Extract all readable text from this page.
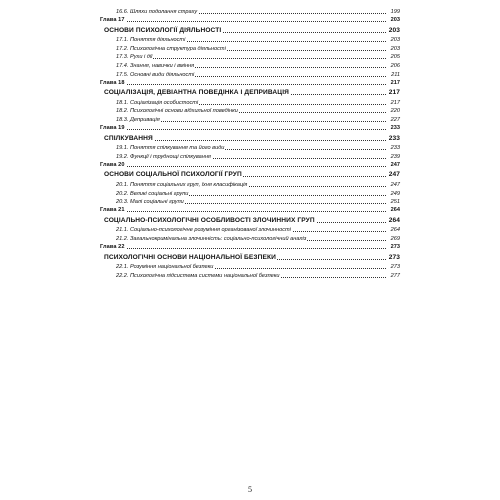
16.6. Шляхи подолання страху	199
Глава 17	203
ОСНОВИ ПСИХОЛОГІЇ ДІЯЛЬНОСТІ	203
17.1. Поняття діяльності	203
17.2. Психологічна структура діяльності	203
17.3. Рухи і дії	205
17.4. Знання, навички і вміння	206
17.5. Основні види діяльності	211
Глава 18	217
СОЦІАЛІЗАЦІЯ, ДЕВІАНТНА ПОВЕДІНКА І ДЕПРИВАЦІЯ	217
18.1. Соціалізація особистості	217
18.2. Психологічні основи відхильної поведінки	220
18.3. Депривація	227
Глава 19	233
СПІЛКУВАННЯ	233
19.1. Поняття спілкування та його види	233
19.2. Функції і труднощі спілкування	239
Глава 20	247
ОСНОВИ СОЦІАЛЬНОЇ ПСИХОЛОГІЇ ГРУП	247
20.1. Поняття соціальних груп, їхня класифікація	247
20.2. Великі соціальні групи	249
20.3. Малі соціальні групи	251
Глава 21	264
СОЦІАЛЬНО-ПСИХОЛОГІЧНІ ОСОБЛИВОСТІ ЗЛОЧИННИХ ГРУП	264
21.1. Соціально-психологічне розуміння організованої злочинності	264
21.2. Загальнокримінальна злочинність: соціально-психологічний аналіз	269
Глава 22	273
ПСИХОЛОГІЧНІ ОСНОВИ НАЦІОНАЛЬНОЇ БЕЗПЕКИ	273
22.1. Розуміння національної безпеки	273
22.2. Психологічна підсистема системи національної безпеки	277
5
